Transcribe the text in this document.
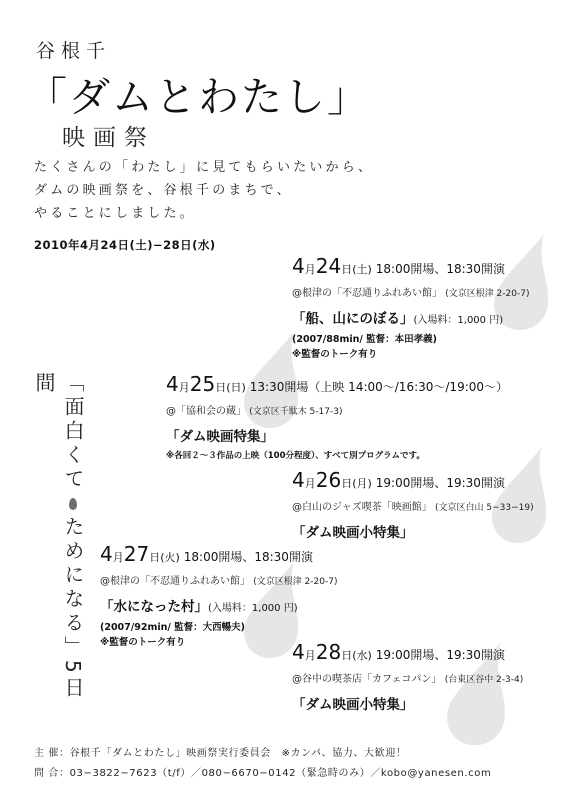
谷根千
「ダムとわたし」
映画祭
たくさんの「わたし」に見てもらいたいから、
ダムの映画祭を、谷根千のまちで、
やることにしました。
2010年4月24日(土)−28日(水)
「面白くてためになる」5日間
4月24日(土) 18:00開場、18:30開演
@根津の「不忍通りふれあい館」 (文京区根津 2-20-7)
「船、山にのぼる」(入場料：1,000 円)
(2007/88min/ 監督：本田孝義)
※監督のトーク有り
4月25日(日) 13:30開場（上映 14:00〜/16:30〜/19:00〜）
@「協和会の蔵」 (文京区千駄木 5-17-3)
「ダム映画特集」
※各回２〜３作品の上映（100分程度）、すべて別プログラムです。
4月26日(月) 19:00開場、19:30開演
@白山のジャズ喫茶「映画館」 (文京区白山 5−33−19)
「ダム映画小特集」
4月27日(火) 18:00開場、18:30開演
@根津の「不忍通りふれあい館」 (文京区根津 2-20-7)
「水になった村」(入場料：1,000 円)
(2007/92min/ 監督：大西暢夫)
※監督のトーク有り	4月28日(水) 19:00開場、19:30開演
@谷中の喫茶店「カフェコパン」 (台東区谷中 2-3-4)
「ダム映画小特集」
主 催：谷根千「ダムとわたし」映画祭実行委員会　※カンパ、協力、大歓迎！
問 合：03−3822−7623（t/f）／080−6670−0142（緊急時のみ）／kobo@yanesen.com
